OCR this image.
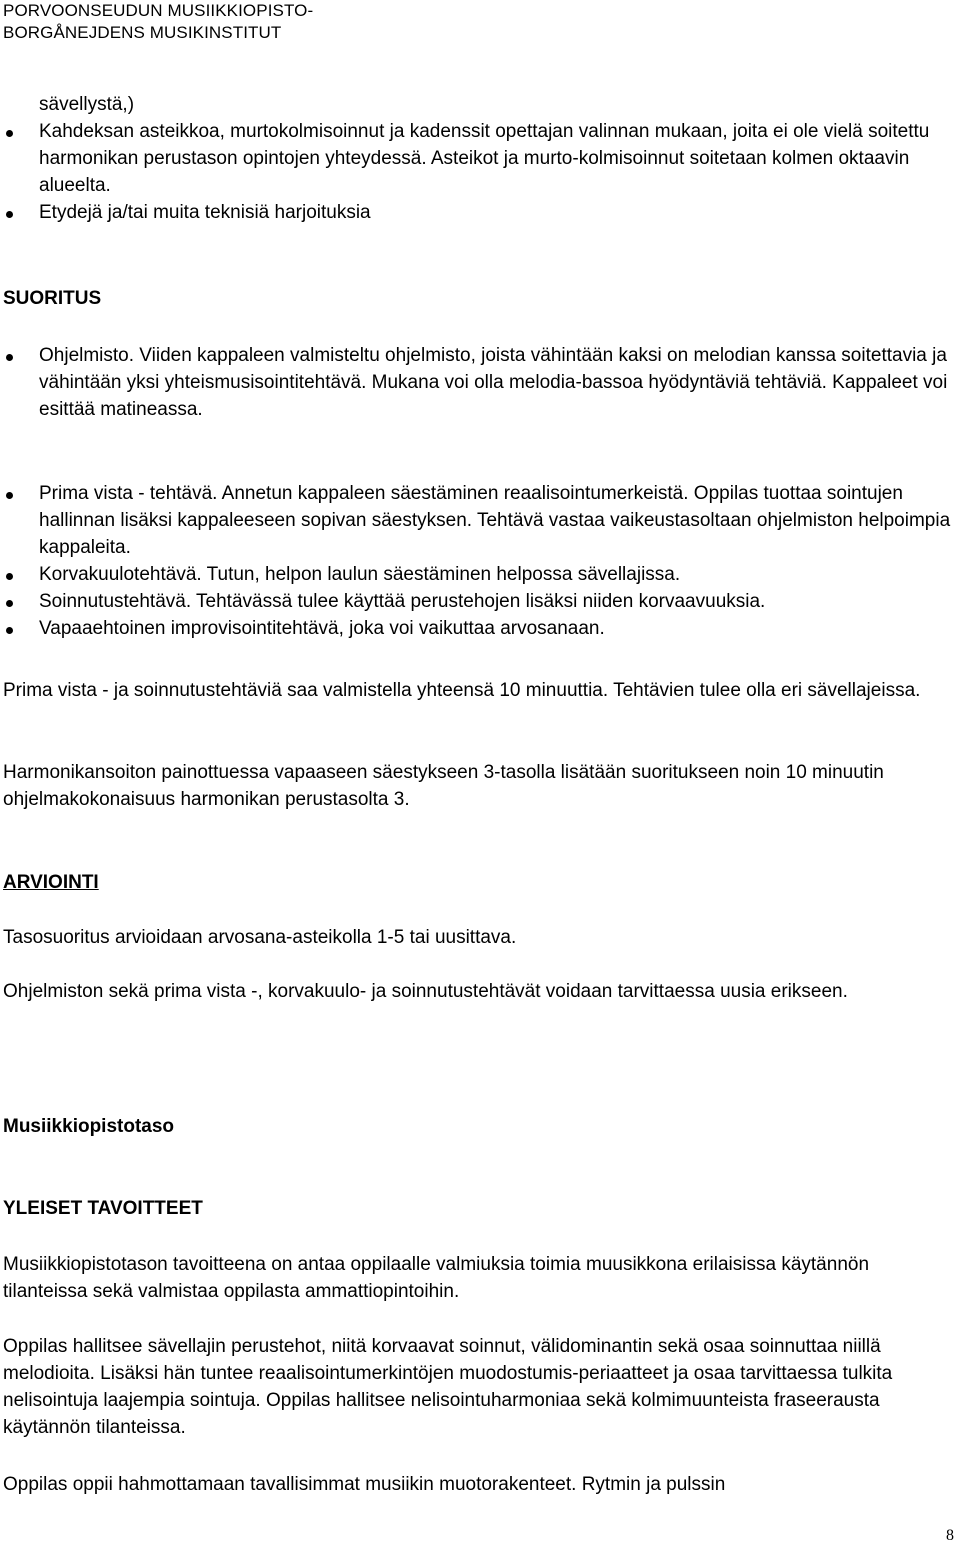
PORVOONSEUDUN MUSIIKKIOPISTO-
BORGÅNEJDENS MUSIKINSTITUT
sävellystä,)
Kahdeksan asteikkoa, murtokolmisoinnut ja kadenssit opettajan valinnan mukaan, joita ei ole vielä soitettu harmonikan perustason opintojen yhteydessä. Asteikot ja murto-kolmisoinnut soitetaan kolmen oktaavin alueelta.
Etydejä ja/tai muita teknisiä harjoituksia
SUORITUS
Ohjelmisto. Viiden kappaleen valmisteltu ohjelmisto, joista vähintään kaksi on melodian kanssa soitettavia ja vähintään yksi yhteismusisointitehtävä. Mukana voi olla melodia-bassoa hyödyntäviä tehtäviä. Kappaleet voi esittää matineassa.
Prima vista - tehtävä. Annetun kappaleen säestäminen reaalisointumerkeistä. Oppilas tuottaa sointujen hallinnan lisäksi kappaleeseen sopivan säestyksen. Tehtävä vastaa vaikeustasoltaan ohjelmiston helpoimpia kappaleita.
Korvakuulotehtävä. Tutun, helpon laulun säestäminen helpossa sävellajissa.
Soinnutustehtävä. Tehtävässä tulee käyttää perustehojen lisäksi niiden korvaavuuksia.
Vapaaehtoinen improvisointitehtävä, joka voi vaikuttaa arvosanaan.

Prima vista - ja soinnutustehtäviä saa valmistella yhteensä 10 minuuttia. Tehtävien tulee olla eri sävellajeissa.

Harmonikansoiton painottuessa vapaaseen säestykseen 3-tasolla lisätään suoritukseen noin 10 minuutin ohjelmakokonaisuus harmonikan perustasolta 3.

ARVIOINTI

Tasosuoritus arvioidaan arvosana-asteikolla 1-5 tai uusittava.

Ohjelmiston sekä prima vista -, korvakuulo- ja soinnutustehtävät voidaan tarvittaessa uusia erikseen.

Musiikkiopistotaso
YLEISET TAVOITTEET

Musiikkiopistotason tavoitteena on antaa oppilaalle valmiuksia toimia muusikkona erilaisissa käytännön tilanteissa sekä valmistaa oppilasta ammattiopintoihin.

Oppilas hallitsee sävellajin perustehot, niitä korvaavat soinnut, välidominantin sekä osaa soinnuttaa niillä melodioita. Lisäksi hän tuntee reaalisointumerkintöjen muodostumis-periaatteet ja osaa tarvittaessa tulkita nelisointuja laajempia sointuja. Oppilas hallitsee nelisointuharmoniaa sekä kolmimuunteista fraseerausta käytännön tilanteissa.

Oppilas oppii hahmottamaan tavallisimmat musiikin muotorakenteet. Rytmin ja pulssin

8
